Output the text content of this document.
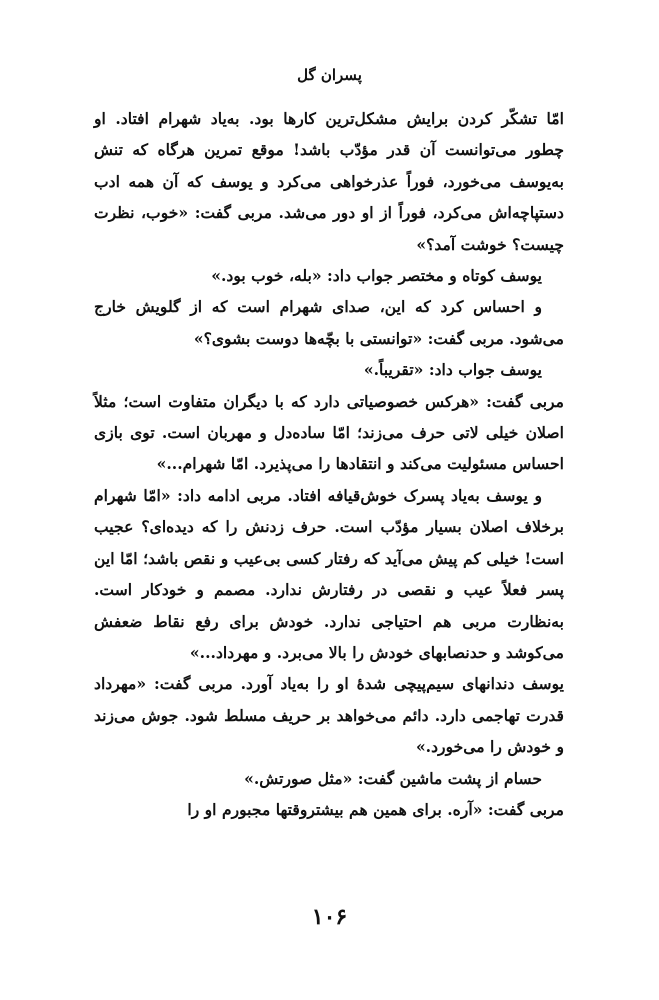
پسران گل

امّا تشکّر کردن برایش مشکل‌ترین کارها بود. به‌یاد شهرام افتاد. او چطور می‌توانست آن قدر مؤدّب باشد! موقع تمرین هرگاه که تنش به‌یوسف می‌خورد، فوراً عذرخواهی می‌کرد و یوسف که آن همه ادب دستپاچه‌اش می‌کرد، فوراً از او دور می‌شد. مربی گفت: «خوب، نظرت چیست؟ خوشت آمد؟»

یوسف کوتاه و مختصر جواب داد: «بله، خوب بود.»

و احساس کرد که این، صدای شهرام است که از گلویش خارج می‌شود. مربی گفت: «توانستی با بچّه‌ها دوست بشوی؟»

یوسف جواب داد: «تقریباً.»

مربی گفت: «هرکس خصوصیاتی دارد که با دیگران متفاوت است؛ مثلاً اصلان خیلی لاتی حرف می‌زند؛ امّا ساده‌دل و مهربان است. توی بازی احساس مسئولیت می‌کند و انتقادها را می‌پذیرد. امّا شهرام...»

و یوسف به‌یاد پسرک خوش‌قیافه افتاد. مربی ادامه داد: «امّا شهرام برخلاف اصلان بسیار مؤدّب است. حرف زدنش را که دیده‌ای؟ عجیب است! خیلی کم پیش می‌آید که رفتار کسی بی‌عیب و نقص باشد؛ امّا این پسر فعلاً عیب و نقصی در رفتارش ندارد. مصمم و خودکار است. به‌نظارت مربی هم احتیاجی ندارد. خودش برای رفع نقاط ضعفش می‌کوشد و حدنصابهای خودش را بالا می‌برد. و مهرداد...»

یوسف دندانهای سیم‌پیچی شدهٔ او را به‌یاد آورد. مربی گفت: «مهرداد قدرت تهاجمی دارد. دائم می‌خواهد بر حریف مسلط شود. جوش می‌زند و خودش را می‌خورد.»

حسام از پشت ماشین گفت: «مثل صورتش.»

مربی گفت: «آره. برای همین هم بیشتروقتها مجبورم او را

۱۰۶
